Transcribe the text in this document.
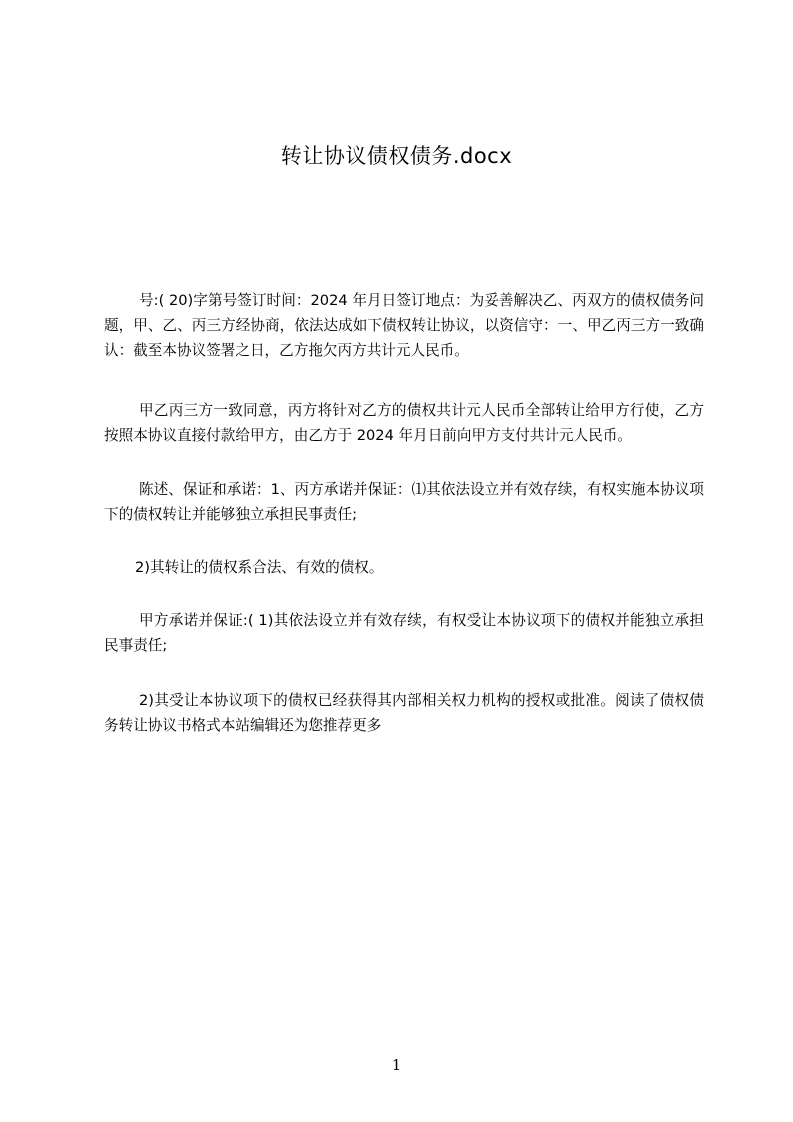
转让协议债权债务.docx

号:( 20)字第号签订时间：2024 年月日签订地点：为妥善解决乙、丙双方的债权债务问题，甲、乙、丙三方经协商，依法达成如下债权转让协议，以资信守：一、甲乙丙三方一致确认：截至本协议签署之日，乙方拖欠丙方共计元人民币。

甲乙丙三方一致同意，丙方将针对乙方的债权共计元人民币全部转让给甲方行使，乙方按照本协议直接付款给甲方，由乙方于 2024 年月日前向甲方支付共计元人民币。

陈述、保证和承诺：1、丙方承诺并保证：⑴其依法设立并有效存续，有权实施本协议项下的债权转让并能够独立承担民事责任;

2)其转让的债权系合法、有效的债权。

甲方承诺并保证:( 1)其依法设立并有效存续，有权受让本协议项下的债权并能独立承担民事责任;

2)其受让本协议项下的债权已经获得其内部相关权力机构的授权或批准。阅读了债权债务转让协议书格式本站编辑还为您推荐更多

1
